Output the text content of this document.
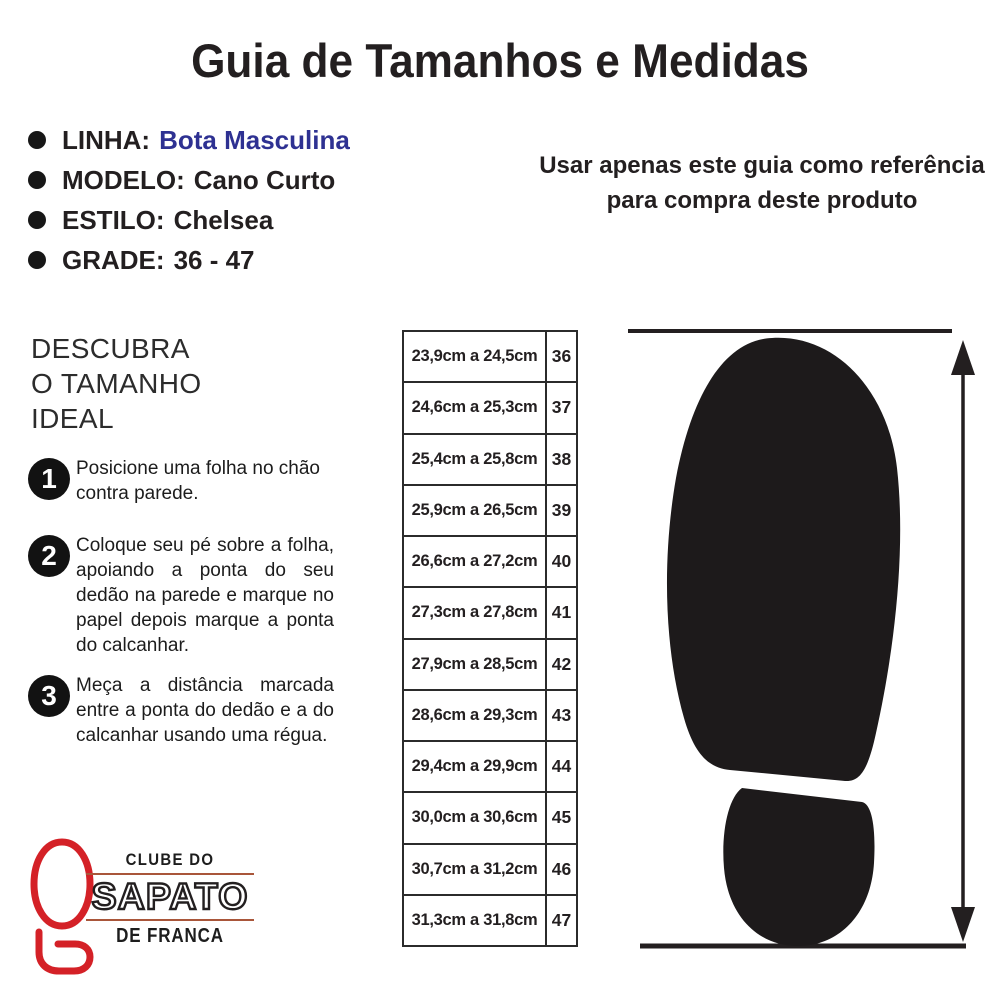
Guia de Tamanhos e Medidas
LINHA: Bota Masculina
MODELO: Cano Curto
ESTILO: Chelsea
GRADE: 36 - 47
Usar apenas este guia como referência para compra deste produto
DESCUBRA
O TAMANHO
IDEAL
1	Posicione uma folha no chão contra parede.
2	Coloque seu pé sobre a folha, apoiando a ponta do seu dedão na parede e marque no papel depois marque a ponta do calcanhar.
3	Meça a distância marcada entre a ponta do dedão e a do calcanhar usando uma régua.
23,9cm a 24,5cm 36
24,6cm a 25,3cm 37
25,4cm a 25,8cm 38
25,9cm a 26,5cm 39
26,6cm a 27,2cm 40
27,3cm a 27,8cm 41
27,9cm a 28,5cm 42
28,6cm a 29,3cm 43
29,4cm a 29,9cm 44
30,0cm a 30,6cm 45
30,7cm a 31,2cm 46
31,3cm a 31,8cm 47
CLUBE DO
SAPATO
DE FRANCA
